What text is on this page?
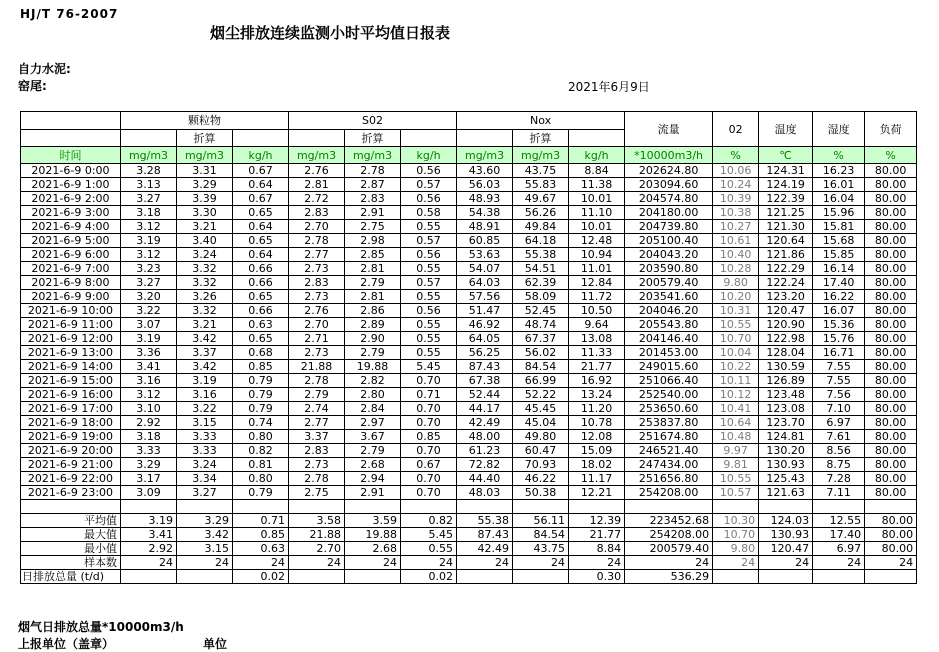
HJ/T 76-2007
烟尘排放连续监测小时平均值日报表
自力水泥:
窑尾:	2021年6月9日
	颗粒物			S02			Nox			流量	02	温度	湿度	负荷
		折算			折算			折算						
时间	mg/m3	mg/m3	kg/h	mg/m3	mg/m3	kg/h	mg/m3	mg/m3	kg/h	*10000m3/h	%	℃	%	%
2021-6-9 0:00	3.28	3.31	0.67	2.76	2.78	0.56	43.60	43.75	8.84	202624.80	10.06	124.31	16.23	80.00
2021-6-9 1:00	3.13	3.29	0.64	2.81	2.87	0.57	56.03	55.83	11.38	203094.60	10.24	124.19	16.01	80.00
2021-6-9 2:00	3.27	3.39	0.67	2.72	2.83	0.56	48.93	49.67	10.01	204574.80	10.39	122.39	16.04	80.00
2021-6-9 3:00	3.18	3.30	0.65	2.83	2.91	0.58	54.38	56.26	11.10	204180.00	10.38	121.25	15.96	80.00
2021-6-9 4:00	3.12	3.21	0.64	2.70	2.75	0.55	48.91	49.84	10.01	204739.80	10.27	121.30	15.81	80.00
2021-6-9 5:00	3.19	3.40	0.65	2.78	2.98	0.57	60.85	64.18	12.48	205100.40	10.61	120.64	15.68	80.00
2021-6-9 6:00	3.12	3.24	0.64	2.77	2.85	0.56	53.63	55.38	10.94	204043.20	10.40	121.86	15.85	80.00
2021-6-9 7:00	3.23	3.32	0.66	2.73	2.81	0.55	54.07	54.51	11.01	203590.80	10.28	122.29	16.14	80.00
2021-6-9 8:00	3.27	3.32	0.66	2.83	2.79	0.57	64.03	62.39	12.84	200579.40	9.80	122.24	17.40	80.00
2021-6-9 9:00	3.20	3.26	0.65	2.73	2.81	0.55	57.56	58.09	11.72	203541.60	10.20	123.20	16.22	80.00
2021-6-9 10:00	3.22	3.32	0.66	2.76	2.86	0.56	51.47	52.45	10.50	204046.20	10.31	120.47	16.07	80.00
2021-6-9 11:00	3.07	3.21	0.63	2.70	2.89	0.55	46.92	48.74	9.64	205543.80	10.55	120.90	15.36	80.00
2021-6-9 12:00	3.19	3.42	0.65	2.71	2.90	0.55	64.05	67.37	13.08	204146.40	10.70	122.98	15.76	80.00
2021-6-9 13:00	3.36	3.37	0.68	2.73	2.79	0.55	56.25	56.02	11.33	201453.00	10.04	128.04	16.71	80.00
2021-6-9 14:00	3.41	3.42	0.85	21.88	19.88	5.45	87.43	84.54	21.77	249015.60	10.22	130.59	7.55	80.00
2021-6-9 15:00	3.16	3.19	0.79	2.78	2.82	0.70	67.38	66.99	16.92	251066.40	10.11	126.89	7.55	80.00
2021-6-9 16:00	3.12	3.16	0.79	2.79	2.80	0.71	52.44	52.22	13.24	252540.00	10.12	123.48	7.56	80.00
2021-6-9 17:00	3.10	3.22	0.79	2.74	2.84	0.70	44.17	45.45	11.20	253650.60	10.41	123.08	7.10	80.00
2021-6-9 18:00	2.92	3.15	0.74	2.77	2.97	0.70	42.49	45.04	10.78	253837.80	10.64	123.70	6.97	80.00
2021-6-9 19:00	3.18	3.33	0.80	3.37	3.67	0.85	48.00	49.80	12.08	251674.80	10.48	124.81	7.61	80.00
2021-6-9 20:00	3.33	3.33	0.82	2.83	2.79	0.70	61.23	60.47	15.09	246521.40	9.97	130.20	8.56	80.00
2021-6-9 21:00	3.29	3.24	0.81	2.73	2.68	0.67	72.82	70.93	18.02	247434.00	9.81	130.93	8.75	80.00
2021-6-9 22:00	3.17	3.34	0.80	2.78	2.94	0.70	44.40	46.22	11.17	251656.80	10.55	125.43	7.28	80.00
2021-6-9 23:00	3.09	3.27	0.79	2.75	2.91	0.70	48.03	50.38	12.21	254208.00	10.57	121.63	7.11	80.00

平均值	3.19	3.29	0.71	3.58	3.59	0.82	55.38	56.11	12.39	223452.68	10.30	124.03	12.55	80.00
最大值	3.41	3.42	0.85	21.88	19.88	5.45	87.43	84.54	21.77	254208.00	10.70	130.93	17.40	80.00
最小值	2.92	3.15	0.63	2.70	2.68	0.55	42.49	43.75	8.84	200579.40	9.80	120.47	6.97	80.00
样本数	24	24	24	24	24	24	24	24	24	24	24	24	24	24
日排放总量 (t/d)			0.02			0.02			0.30	536.29				
烟气日排放总量*10000m3/h
上报单位（盖章）	单位
